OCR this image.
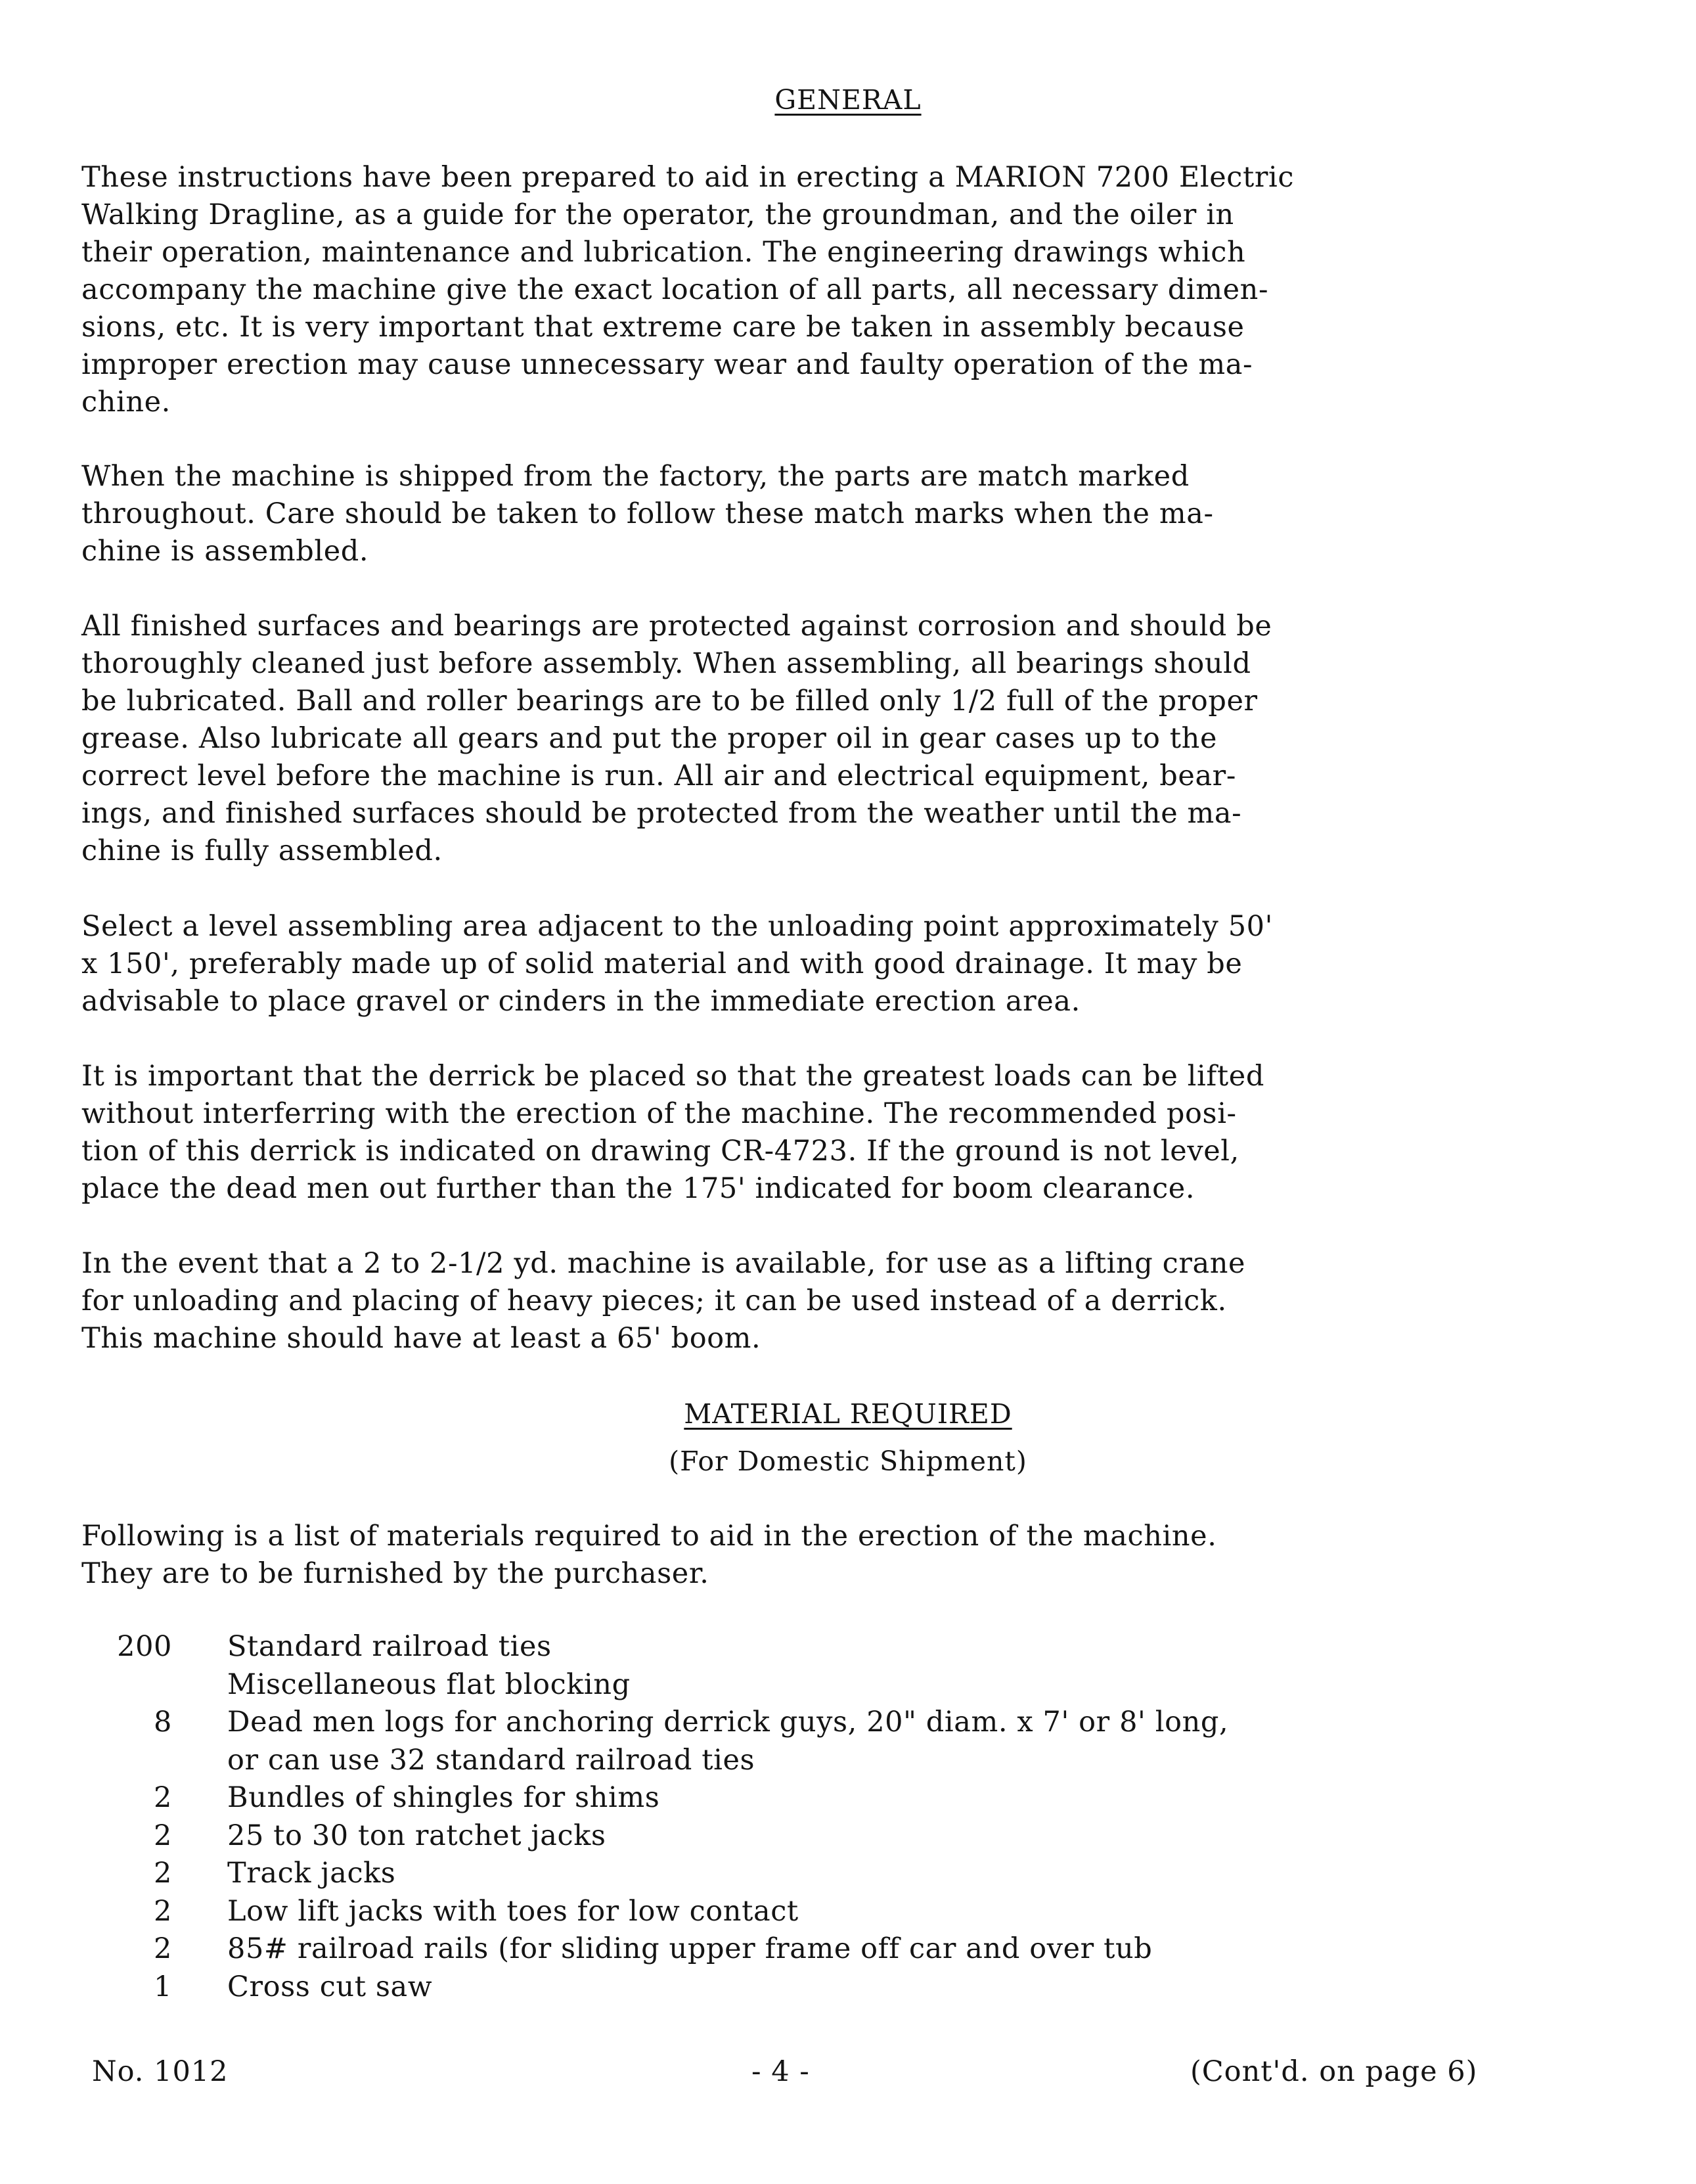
GENERAL
These instructions have been prepared to aid in erecting a MARION 7200 Electric
Walking Dragline, as a guide for the operator, the groundman, and the oiler in
their operation, maintenance and lubrication. The engineering drawings which
accompany the machine give the exact location of all parts, all necessary dimen-
sions, etc. It is very important that extreme care be taken in assembly because
improper erection may cause unnecessary wear and faulty operation of the ma-
chine.
When the machine is shipped from the factory, the parts are match marked
throughout. Care should be taken to follow these match marks when the ma-
chine is assembled.
All finished surfaces and bearings are protected against corrosion and should be
thoroughly cleaned just before assembly. When assembling, all bearings should
be lubricated. Ball and roller bearings are to be filled only 1/2 full of the proper
grease. Also lubricate all gears and put the proper oil in gear cases up to the
correct level before the machine is run. All air and electrical equipment, bear-
ings, and finished surfaces should be protected from the weather until the ma-
chine is fully assembled.
Select a level assembling area adjacent to the unloading point approximately 50'
x 150', preferably made up of solid material and with good drainage. It may be
advisable to place gravel or cinders in the immediate erection area.
It is important that the derrick be placed so that the greatest loads can be lifted
without interferring with the erection of the machine. The recommended posi-
tion of this derrick is indicated on drawing CR-4723. If the ground is not level,
place the dead men out further than the 175' indicated for boom clearance.
In the event that a 2 to 2-1/2 yd. machine is available, for use as a lifting crane
for unloading and placing of heavy pieces; it can be used instead of a derrick.
This machine should have at least a 65' boom.
MATERIAL REQUIRED
(For Domestic Shipment)
Following is a list of materials required to aid in the erection of the machine.
They are to be furnished by the purchaser.
200	Standard railroad ties
Miscellaneous flat blocking
8	Dead men logs for anchoring derrick guys, 20" diam. x 7' or 8' long,
or can use 32 standard railroad ties
2	Bundles of shingles for shims
2	25 to 30 ton ratchet jacks
2	Track jacks
2	Low lift jacks with toes for low contact
2	85# railroad rails (for sliding upper frame off car and over tub
1	Cross cut saw
No. 1012	- 4 -	(Cont'd. on page 6)
